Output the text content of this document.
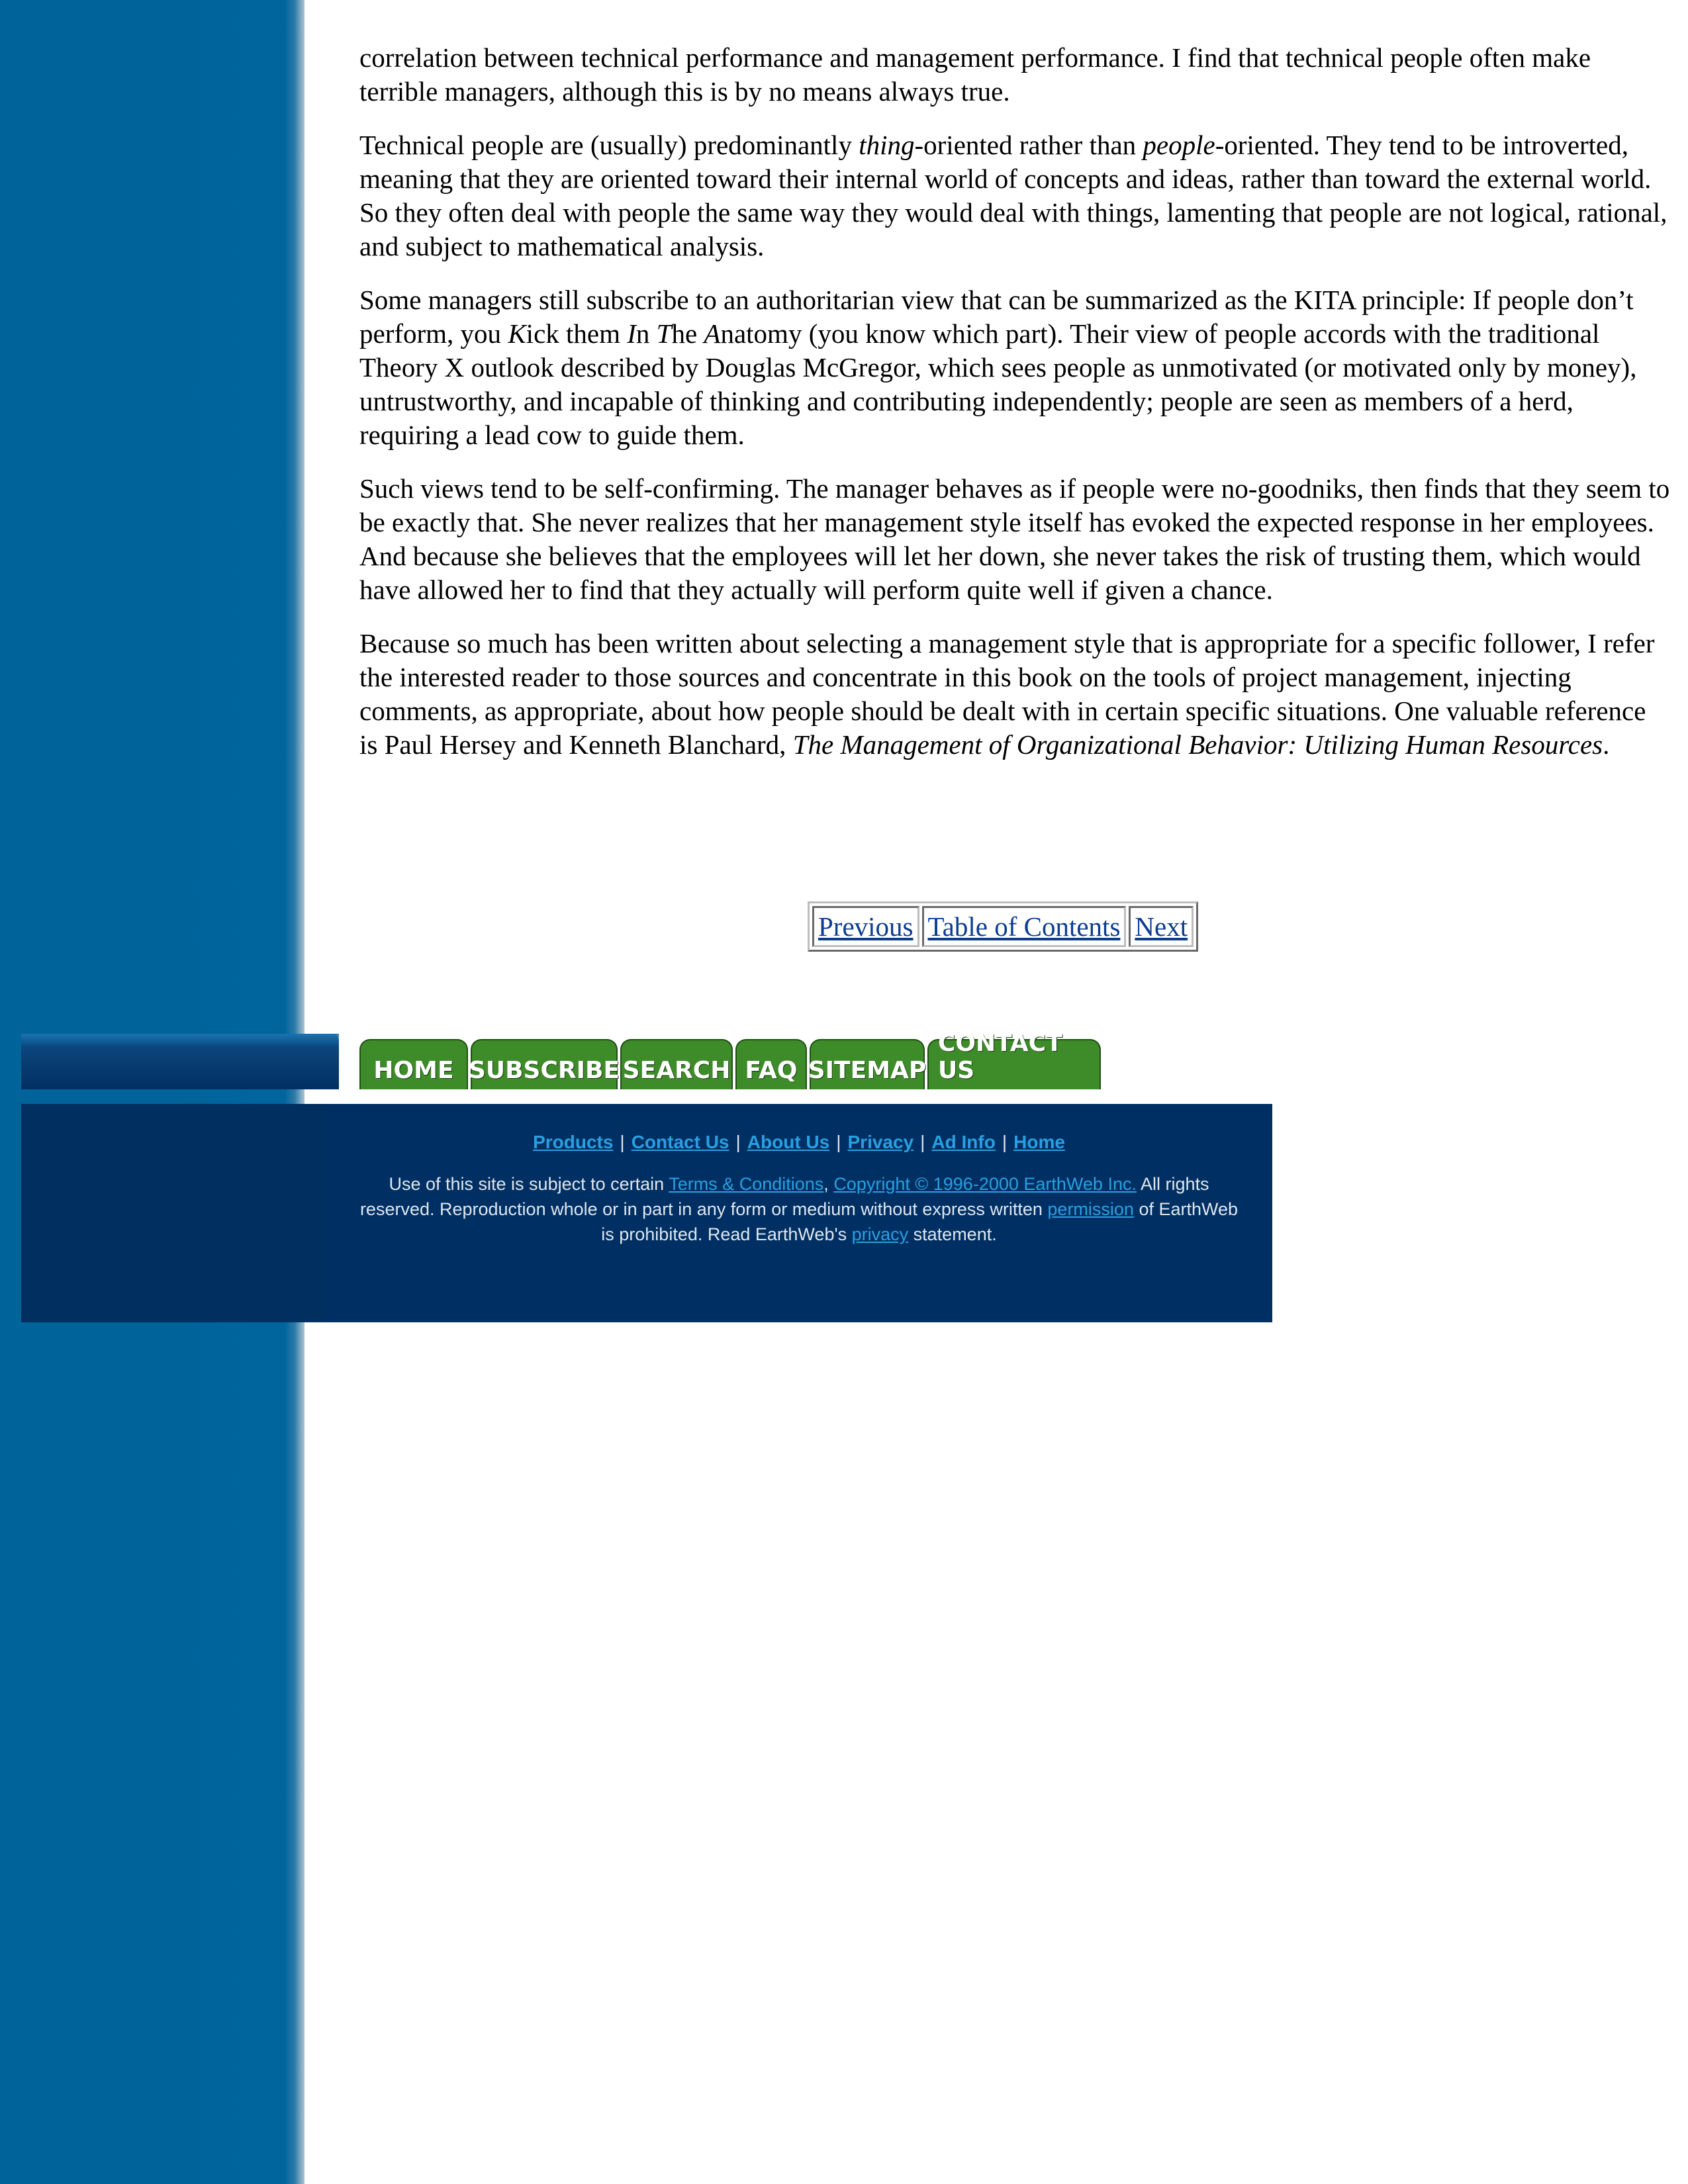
correlation between technical performance and management performance. I find that technical people often make terrible managers, although this is by no means always true.

Technical people are (usually) predominantly thing-oriented rather than people-oriented. They tend to be introverted, meaning that they are oriented toward their internal world of concepts and ideas, rather than toward the external world. So they often deal with people the same way they would deal with things, lamenting that people are not logical, rational, and subject to mathematical analysis.

Some managers still subscribe to an authoritarian view that can be summarized as the KITA principle: If people don’t perform, you Kick them In The Anatomy (you know which part). Their view of people accords with the traditional Theory X outlook described by Douglas McGregor, which sees people as unmotivated (or motivated only by money), untrustworthy, and incapable of thinking and contributing independently; people are seen as members of a herd, requiring a lead cow to guide them.

Such views tend to be self-confirming. The manager behaves as if people were no-goodniks, then finds that they seem to be exactly that. She never realizes that her management style itself has evoked the expected response in her employees. And because she believes that the employees will let her down, she never takes the risk of trusting them, which would have allowed her to find that they actually will perform quite well if given a chance.

Because so much has been written about selecting a management style that is appropriate for a specific follower, I refer the interested reader to those sources and concentrate in this book on the tools of project management, injecting comments, as appropriate, about how people should be dealt with in certain specific situations. One valuable reference is Paul Hersey and Kenneth Blanchard, The Management of Organizational Behavior: Utilizing Human Resources.

Previous	Table of Contents	Next
HOME SUBSCRIBE SEARCH FAQ SITEMAP
CONTACT US
Products | Contact Us | About Us | Privacy | Ad Info | Home
Use of this site is subject to certain Terms & Conditions, Copyright © 1996-2000 EarthWeb Inc. All rights reserved. Reproduction whole or in part in any form or medium without express written permission of EarthWeb is prohibited. Read EarthWeb's privacy statement.
